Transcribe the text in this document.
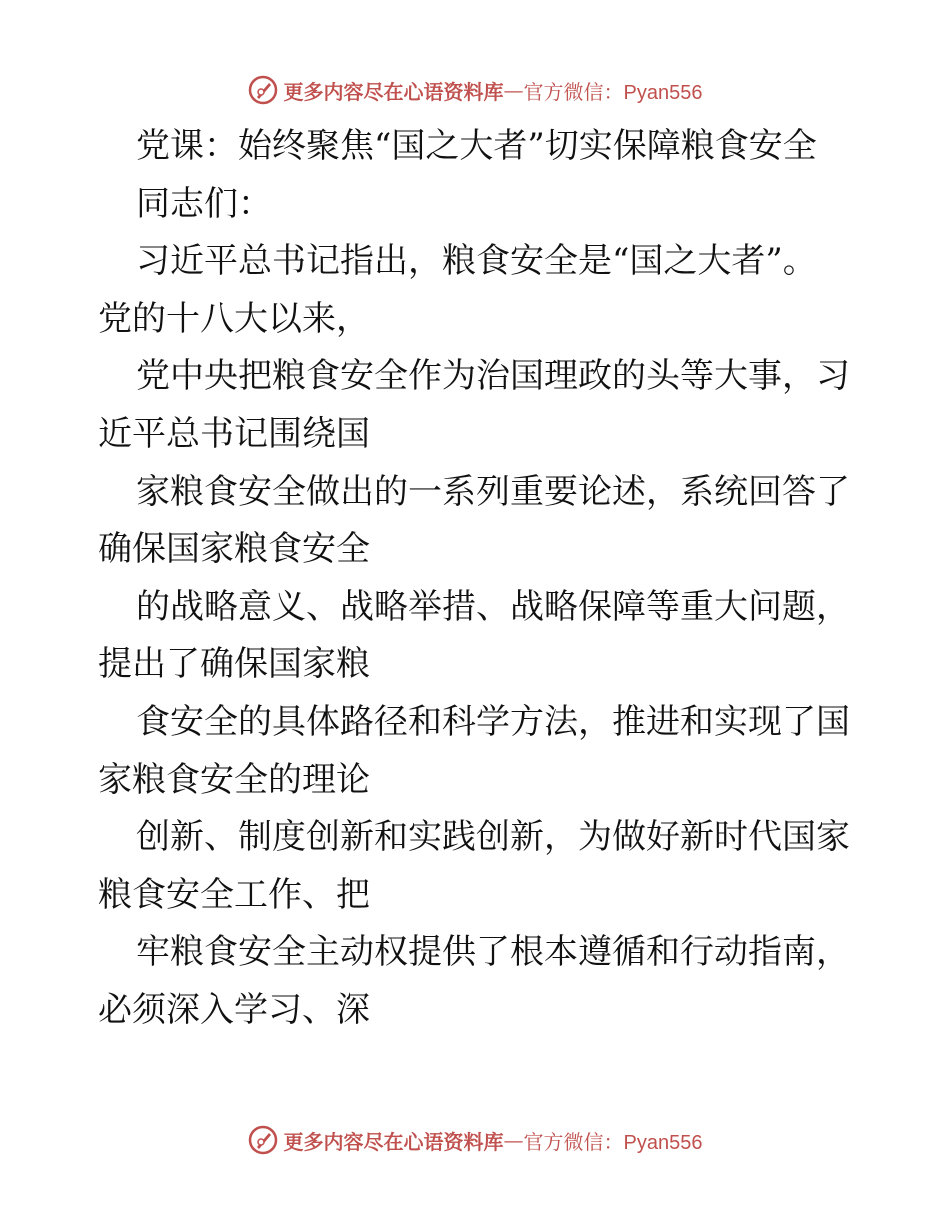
更多内容尽在心语资料库 — 官方微信：Pyan556
党课：始终聚焦“国之大者”切实保障粮食安全
同志们：
习近平总书记指出，粮食安全是“国之大者”。
党的十八大以来，
党中央把粮食安全作为治国理政的头等大事，习
近平总书记围绕国
家粮食安全做出的一系列重要论述，系统回答了
确保国家粮食安全
的战略意义、战略举措、战略保障等重大问题，
提出了确保国家粮
食安全的具体路径和科学方法，推进和实现了国
家粮食安全的理论
创新、制度创新和实践创新，为做好新时代国家
粮食安全工作、把
牢粮食安全主动权提供了根本遵循和行动指南，
必须深入学习、深
更多内容尽在心语资料库 — 官方微信：Pyan556
